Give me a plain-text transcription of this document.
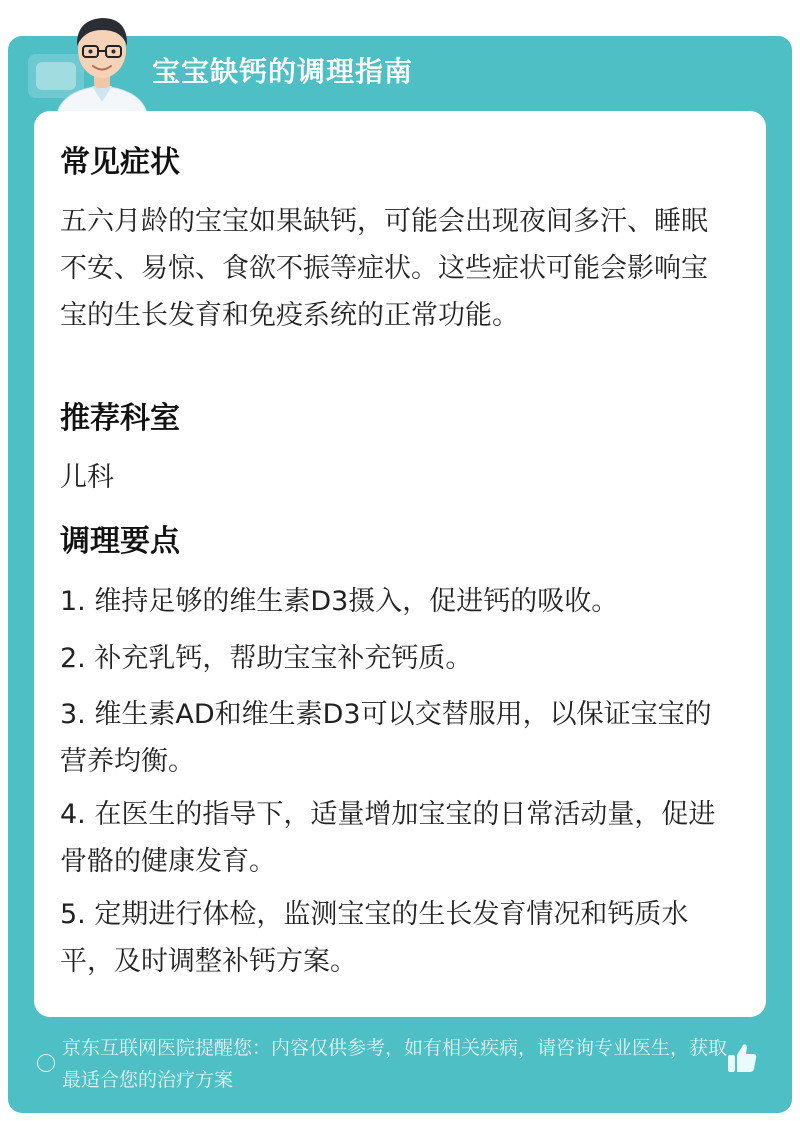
宝宝缺钙的调理指南
常见症状
五六月龄的宝宝如果缺钙，可能会出现夜间多汗、睡眠不安、易惊、食欲不振等症状。这些症状可能会影响宝宝的生长发育和免疫系统的正常功能。
推荐科室
儿科
调理要点
1. 维持足够的维生素D3摄入，促进钙的吸收。
2. 补充乳钙，帮助宝宝补充钙质。
3. 维生素AD和维生素D3可以交替服用，以保证宝宝的营养均衡。
4. 在医生的指导下，适量增加宝宝的日常活动量，促进骨骼的健康发育。
5. 定期进行体检，监测宝宝的生长发育情况和钙质水平，及时调整补钙方案。
京东互联网医院提醒您：内容仅供参考，如有相关疾病，请咨询专业医生，获取最适合您的治疗方案
